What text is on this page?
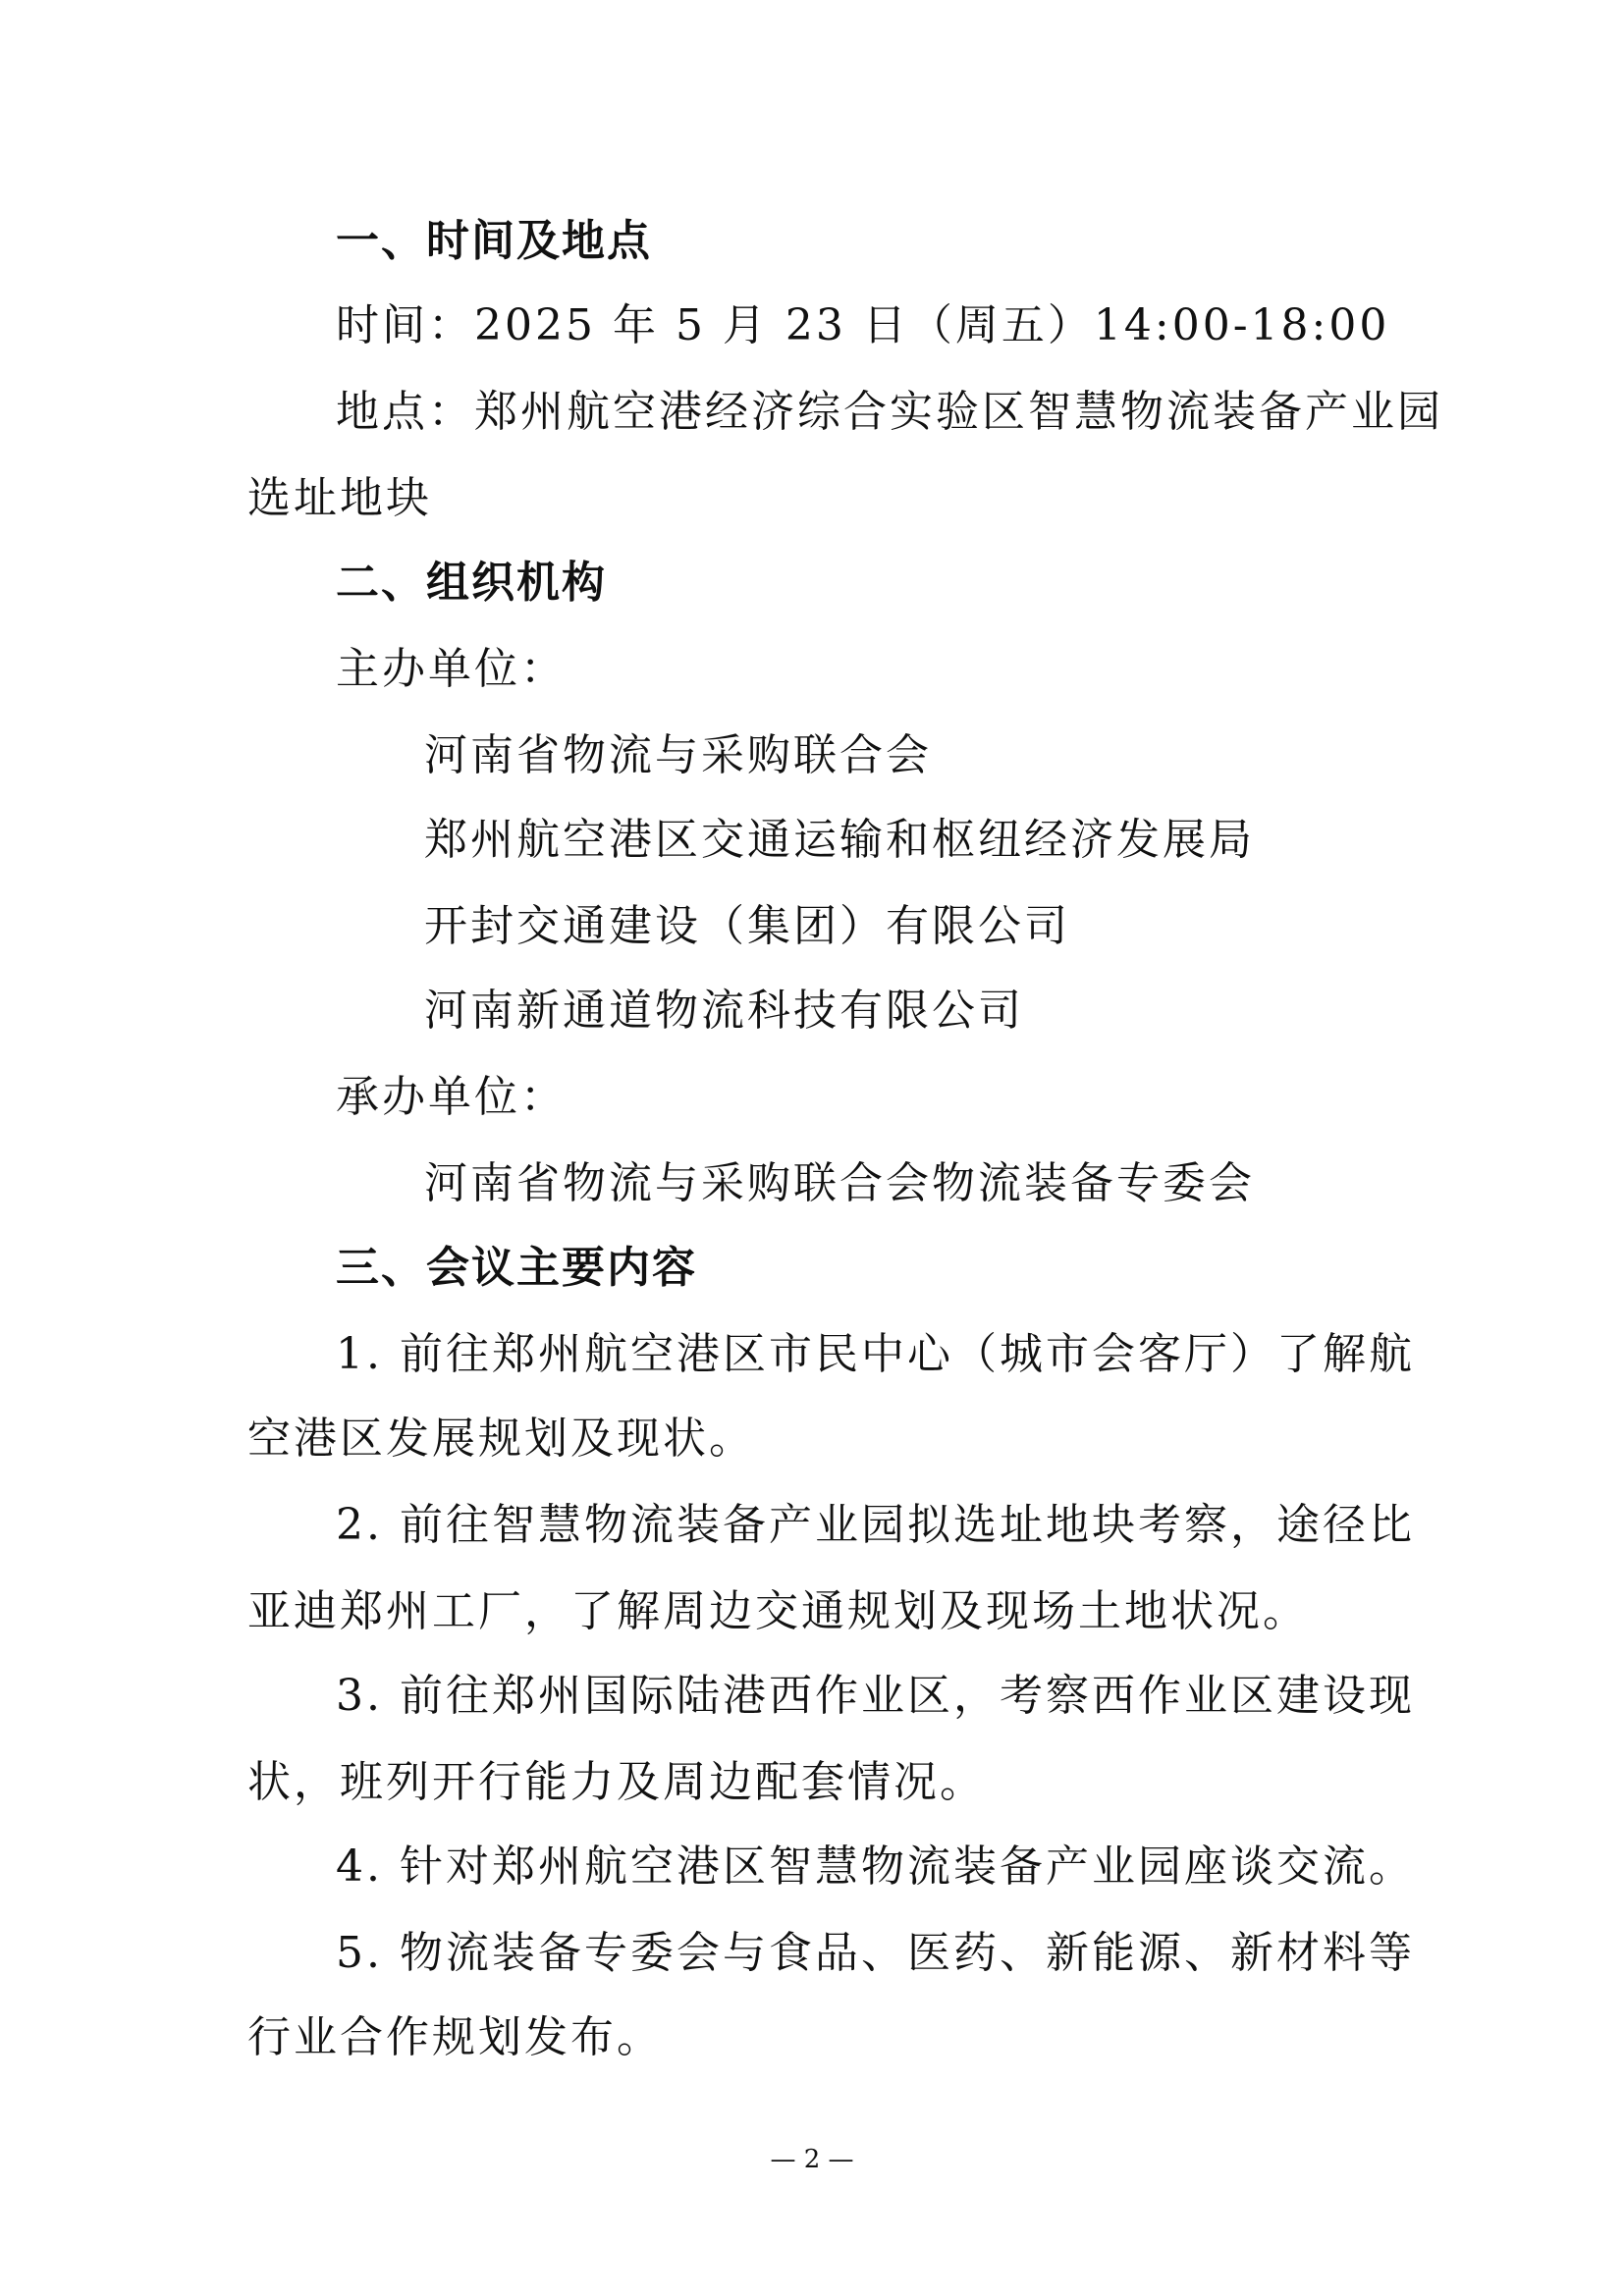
一、时间及地点
时间：2025 年 5 月 23 日（周五）14:00-18:00
地点：郑州航空港经济综合实验区智慧物流装备产业园
选址地块
二、组织机构
主办单位：
河南省物流与采购联合会
郑州航空港区交通运输和枢纽经济发展局
开封交通建设（集团）有限公司
河南新通道物流科技有限公司
承办单位：
河南省物流与采购联合会物流装备专委会
三、会议主要内容
1. 前往郑州航空港区市民中心（城市会客厅）了解航
空港区发展规划及现状。
2. 前往智慧物流装备产业园拟选址地块考察，途径比
亚迪郑州工厂，了解周边交通规划及现场土地状况。
3. 前往郑州国际陆港西作业区，考察西作业区建设现
状，班列开行能力及周边配套情况。
4. 针对郑州航空港区智慧物流装备产业园座谈交流。
5. 物流装备专委会与食品、医药、新能源、新材料等
行业合作规划发布。
— 2 —
